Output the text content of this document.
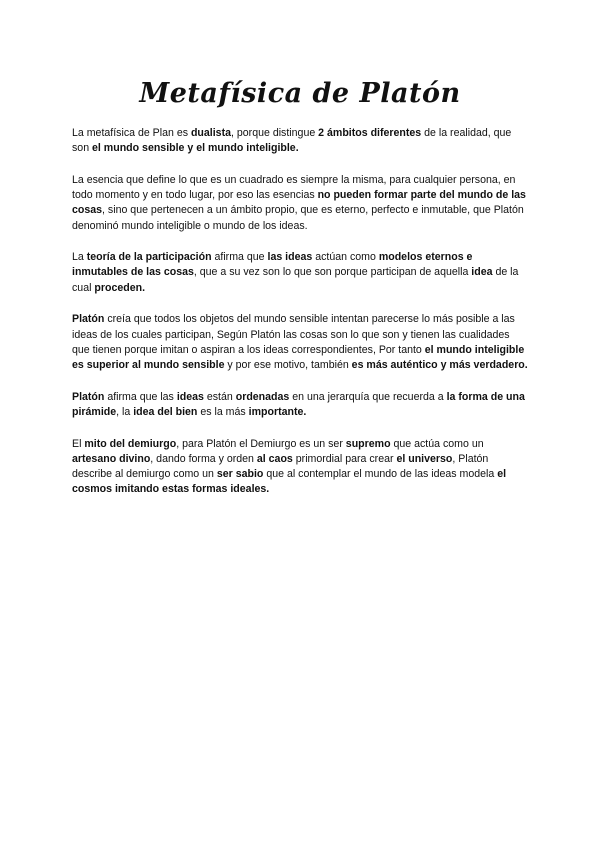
Metafísica de Platón

La metafísica de Plan es dualista, porque distingue 2 ámbitos diferentes de la realidad, que son el mundo sensible y el mundo inteligible.

La esencia que define lo que es un cuadrado es siempre la misma, para cualquier persona, en todo momento y en todo lugar, por eso las esencias no pueden formar parte del mundo de las cosas, sino que pertenecen a un ámbito propio, que es eterno, perfecto e inmutable, que Platón denominó mundo inteligible o mundo de los ideas.

La teoría de la participación afirma que las ideas actúan como modelos eternos e inmutables de las cosas, que a su vez son lo que son porque participan de aquella idea de la cual proceden.

Platón creía que todos los objetos del mundo sensible intentan parecerse lo más posible a las ideas de los cuales participan, Según Platón las cosas son lo que son y tienen las cualidades que tienen porque imitan o aspiran a los ideas correspondientes, Por tanto el mundo inteligible es superior al mundo sensible y por ese motivo, también es más auténtico y más verdadero.

Platón afirma que las ideas están ordenadas en una jerarquía que recuerda a la forma de una pirámide, la idea del bien es la más importante.

El mito del demiurgo, para Platón el Demiurgo es un ser supremo que actúa como un artesano divino, dando forma y orden al caos primordial para crear el universo, Platón describe al demiurgo como un ser sabio que al contemplar el mundo de las ideas modela el cosmos imitando estas formas ideales.
